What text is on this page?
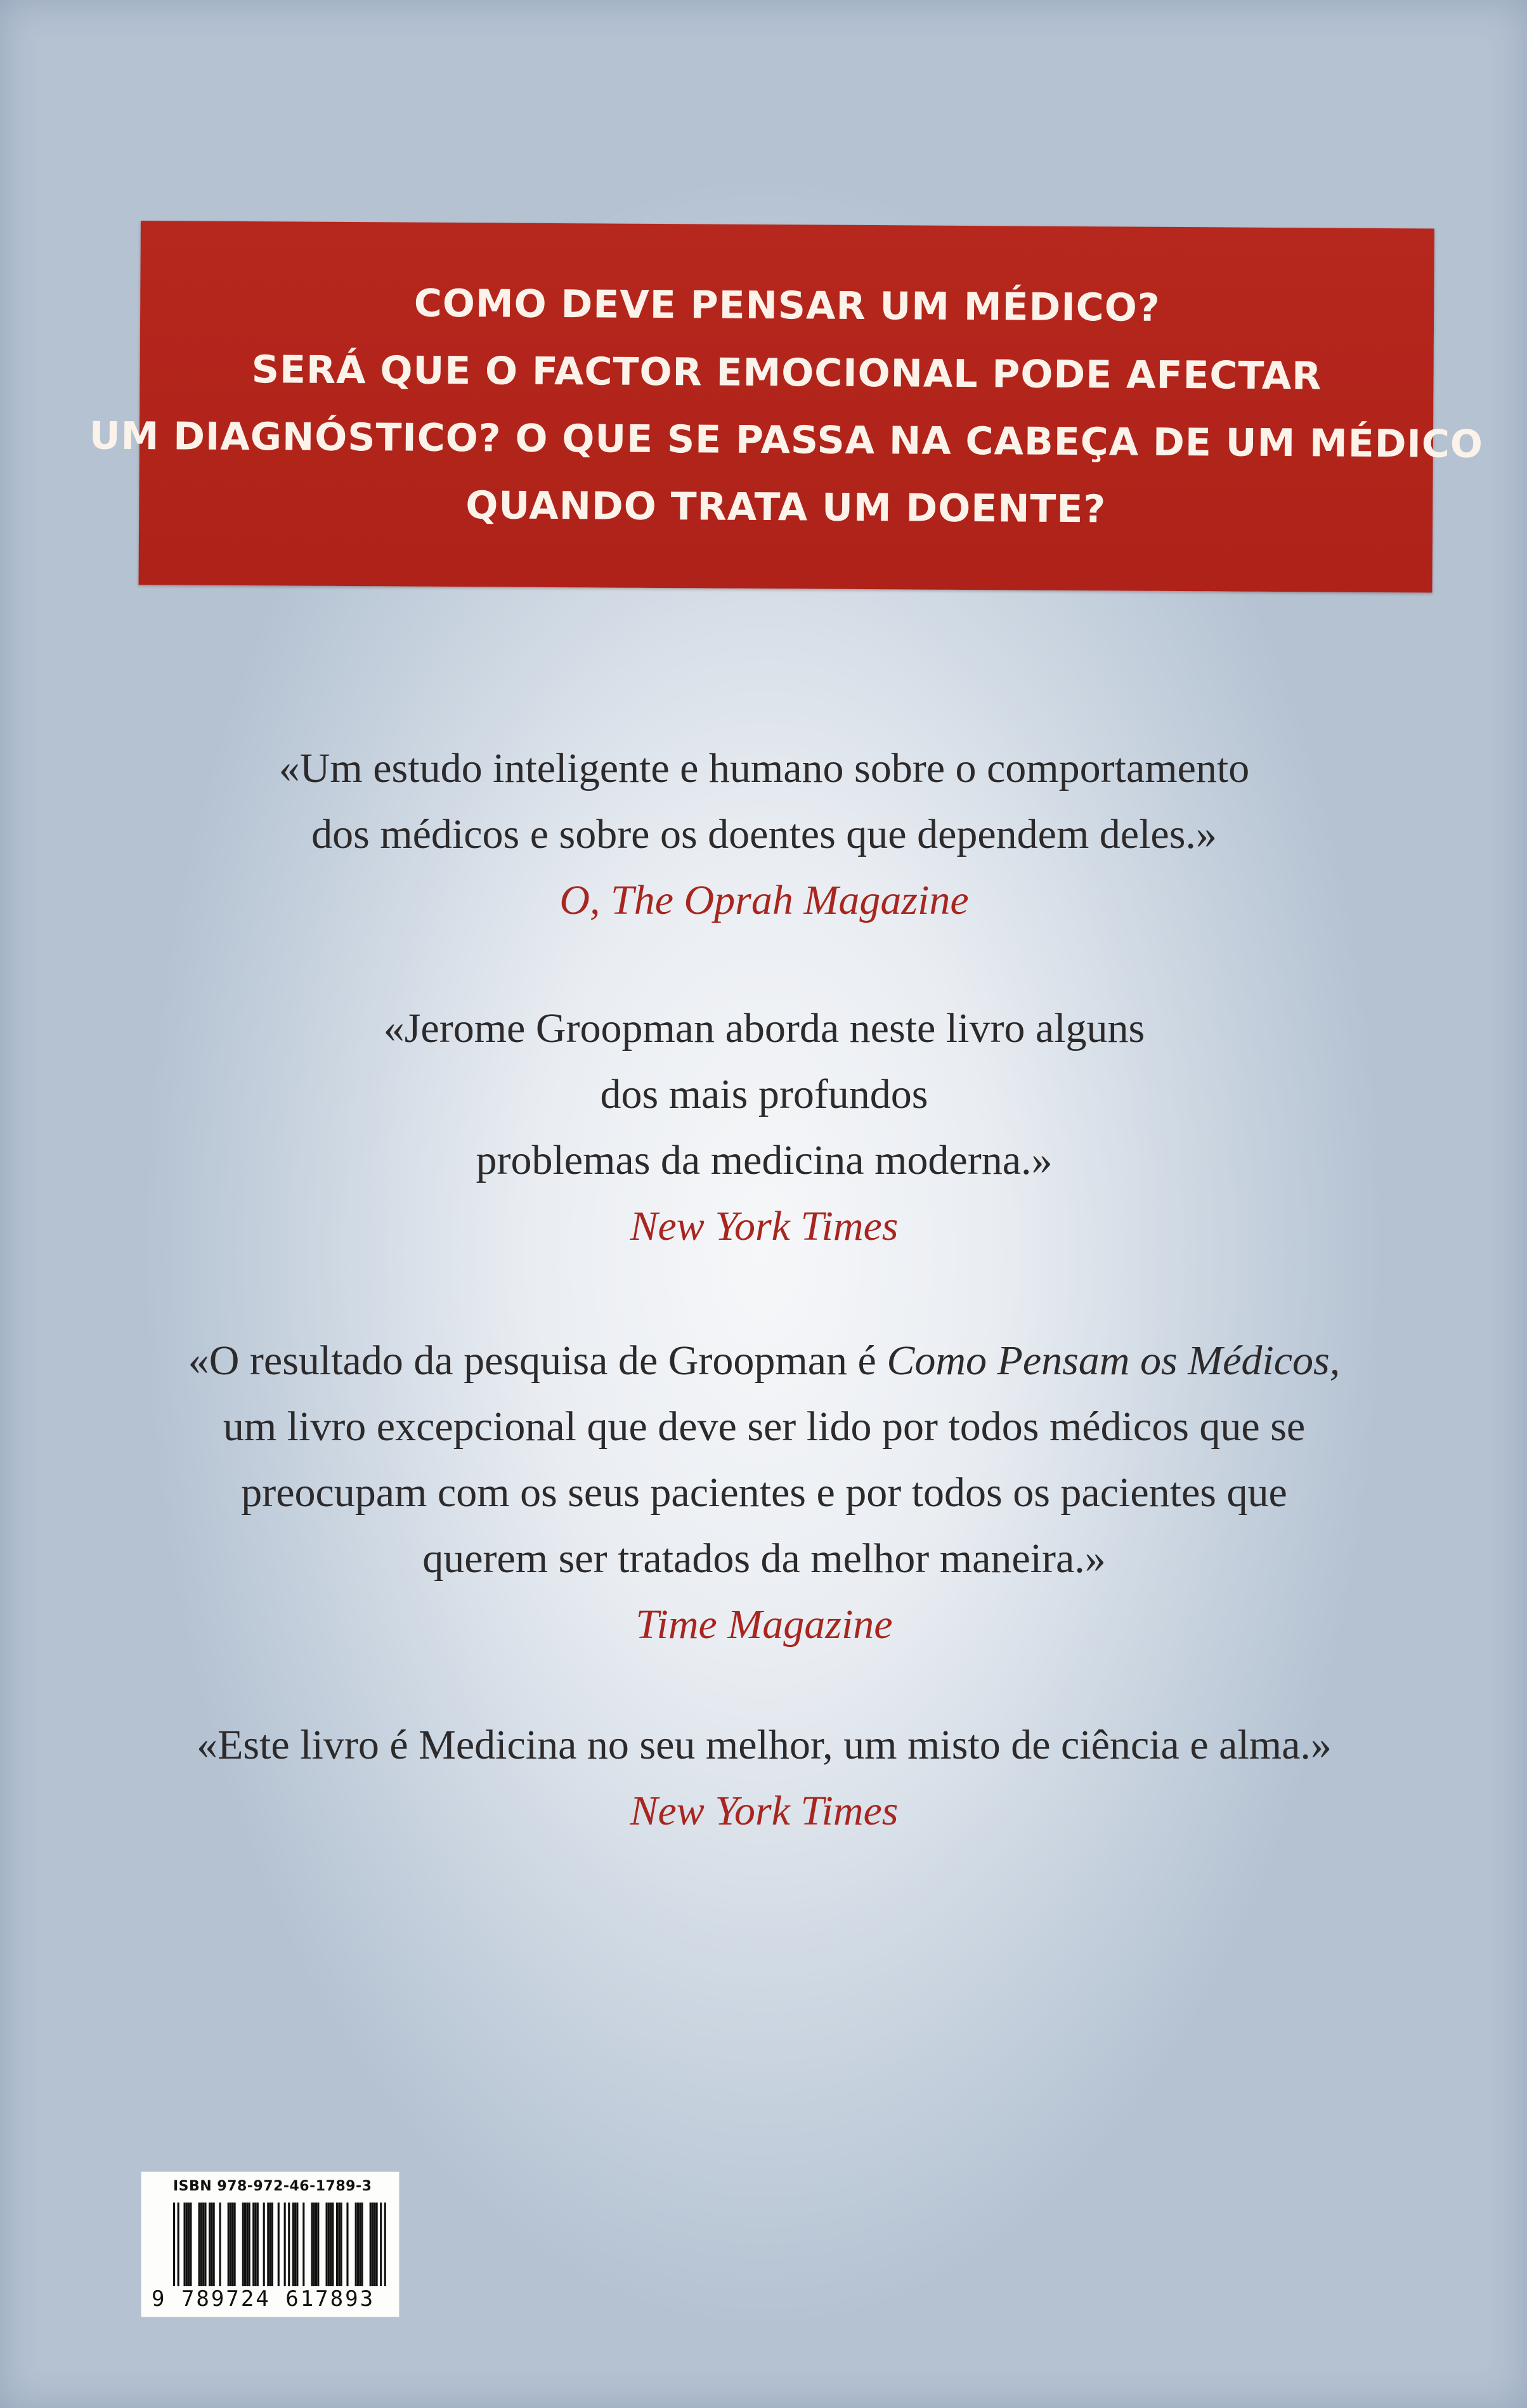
COMO DEVE PENSAR UM MÉDICO?
SERÁ QUE O FACTOR EMOCIONAL PODE AFECTAR
UM DIAGNÓSTICO? O QUE SE PASSA NA CABEÇA DE UM MÉDICO
QUANDO TRATA UM DOENTE?
«Um estudo inteligente e humano sobre o comportamento
dos médicos e sobre os doentes que dependem deles.»
O, The Oprah Magazine
«Jerome Groopman aborda neste livro alguns
dos mais profundos
problemas da medicina moderna.»
New York Times
«O resultado da pesquisa de Groopman é Como Pensam os Médicos,
um livro excepcional que deve ser lido por todos médicos que se
preocupam com os seus pacientes e por todos os pacientes que
querem ser tratados da melhor maneira.»
Time Magazine
«Este livro é Medicina no seu melhor, um misto de ciência e alma.»
New York Times
ISBN 978-972-46-1789-3
9 789724 617893
